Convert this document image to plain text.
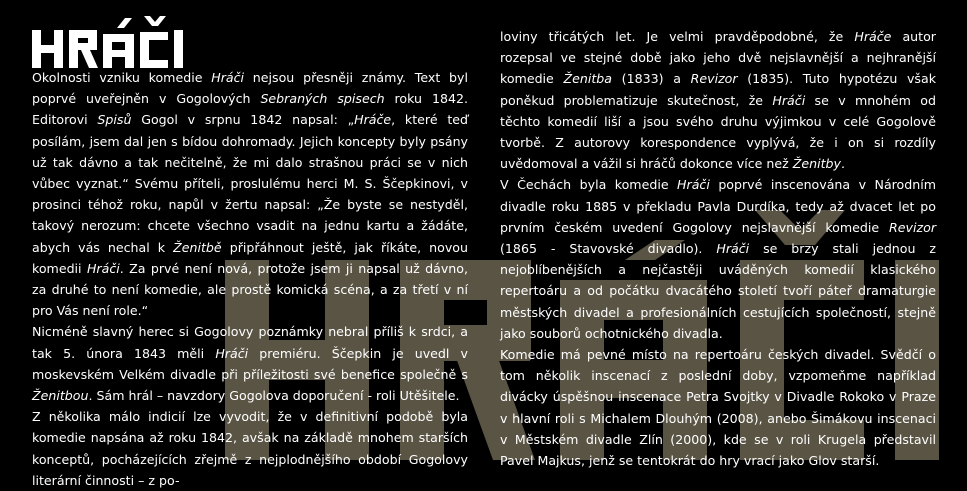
Okolnosti vzniku komedie Hráči nejsou přesněji známy. Text byl poprvé uveřejněn v Gogolových Sebraných spisech roku 1842. Editorovi Spisů Gogol v srpnu 1842 napsal: „Hráče, které teď posílám, jsem dal jen s bídou dohromady. Jejich koncepty byly psány už tak dávno a tak nečitelně, že mi dalo strašnou práci se v nich vůbec vyznat.“ Svému příteli, proslulému herci M. S. Ščepkinovi, v prosinci téhož roku, napůl v žertu napsal: „Že byste se nestyděl, takový nerozum: chcete všechno vsadit na jednu kartu a žádáte, abych vás nechal k Ženitbě připřáhnout ještě, jak říkáte, novou komedii Hráči. Za prvé není nová, protože jsem ji napsal už dávno, za druhé to není komedie, ale prostě komická scéna, a za třetí v ní pro Vás není role.“

Nicméně slavný herec si Gogolovy poznámky nebral příliš k srdci, a tak 5. února 1843 měli Hráči premiéru. Ščepkin je uvedl v moskevském Velkém divadle při příležitosti své benefice společně s Ženitbou. Sám hrál – navzdory Gogolova doporučení - roli Utěšitele.

Z několika málo indicií lze vyvodit, že v definitivní podobě byla komedie napsána až roku 1842, avšak na základě mnohem starších konceptů, pocházejících zřejmě z nejplodnějšího období Gogolovy literární činnosti – z po-

loviny třicátých let. Je velmi pravděpodobné, že Hráče autor rozepsal ve stejné době jako jeho dvě nejslavnější a nejhranější komedie Ženitba (1833) a Revizor (1835). Tuto hypotézu však poněkud problematizuje skutečnost, že Hráči se v mnohém od těchto komedií liší a jsou svého druhu výjimkou v celé Gogolově tvorbě. Z autorovy korespondence vyplývá, že i on si rozdíly uvědomoval a vážil si hráčů dokonce více než Ženitby.

V Čechách byla komedie Hráči poprvé inscenována v Národním divadle roku 1885 v překladu Pavla Durdíka, tedy až dvacet let po prvním českém uvedení Gogolovy nejslavnější komedie Revizor (1865 - Stavovské divadlo). Hráči se brzy stali jednou z nejoblíbenějších a nejčastěji uváděných komedií klasického repertoáru a od počátku dvacátého století tvoří páteř dramaturgie městských divadel a profesionálních cestujících společností, stejně jako souborů ochotnického divadla.

Komedie má pevné místo na repertoáru českých divadel. Svědčí o tom několik inscenací z poslední doby, vzpomeňme například divácky úspěšnou inscenace Petra Svojtky v Divadle Rokoko v Praze v hlavní roli s Michalem Dlouhým (2008), anebo Šimákovu inscenaci v Městském divadle Zlín (2000), kde se v roli Krugela představil Pavel Majkus, jenž se tentokrát do hry vrací jako Glov starší.
